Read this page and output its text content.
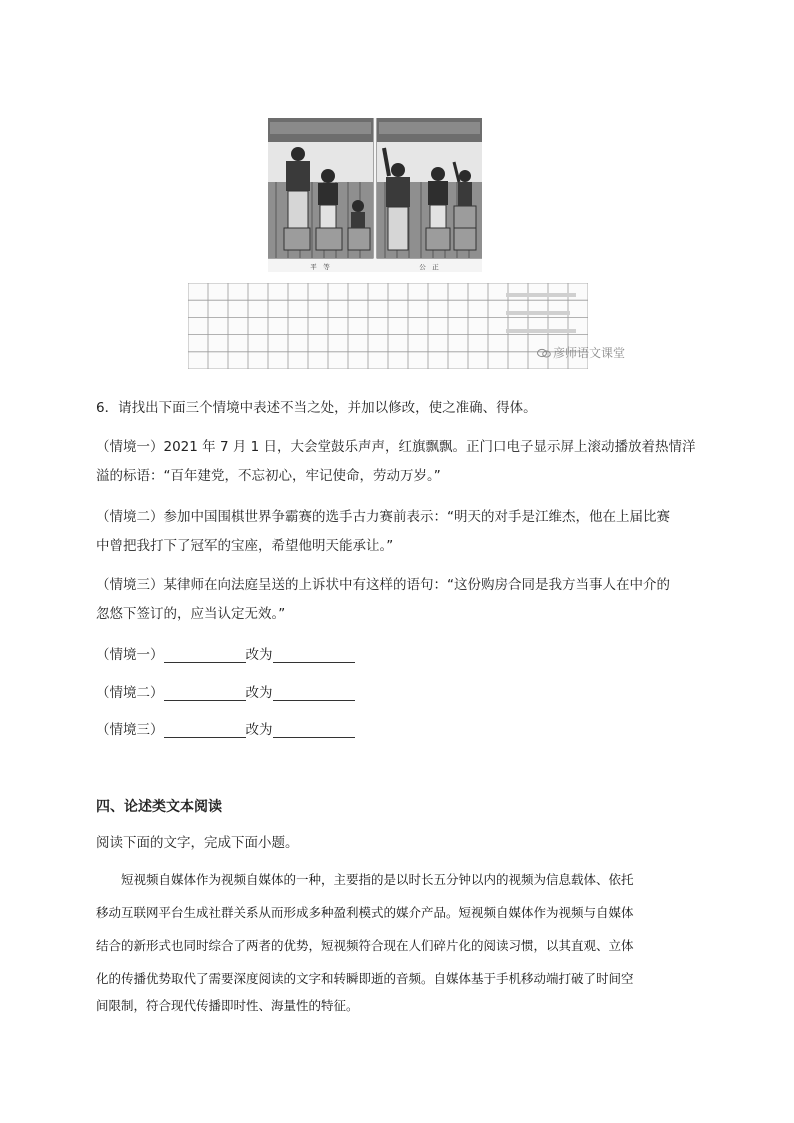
平　等	公　正
彦师语文课堂
6．请找出下面三个情境中表述不当之处，并加以修改，使之准确、得体。
（情境一）2021 年 7 月 1 日，大会堂鼓乐声声，红旗飘飘。正门口电子显示屏上滚动播放着热情洋
溢的标语：“百年建党，不忘初心，牢记使命，劳动万岁。”
（情境二）参加中国围棋世界争霸赛的选手古力赛前表示：“明天的对手是江维杰，他在上届比赛
中曾把我打下了冠军的宝座，希望他明天能承让。”
（情境三）某律师在向法庭呈送的上诉状中有这样的语句：“这份购房合同是我方当事人在中介的
忽悠下签订的，应当认定无效。”
（情境一）	改为
（情境二）	改为
（情境三）	改为
四、论述类文本阅读
阅读下面的文字，完成下面小题。
　　短视频自媒体作为视频自媒体的一种，主要指的是以时长五分钟以内的视频为信息载体、依托
移动互联网平台生成社群关系从而形成多种盈利模式的媒介产品。短视频自媒体作为视频与自媒体
结合的新形式也同时综合了两者的优势，短视频符合现在人们碎片化的阅读习惯，以其直观、立体
化的传播优势取代了需要深度阅读的文字和转瞬即逝的音频。自媒体基于手机移动端打破了时间空
间限制，符合现代传播即时性、海量性的特征。
